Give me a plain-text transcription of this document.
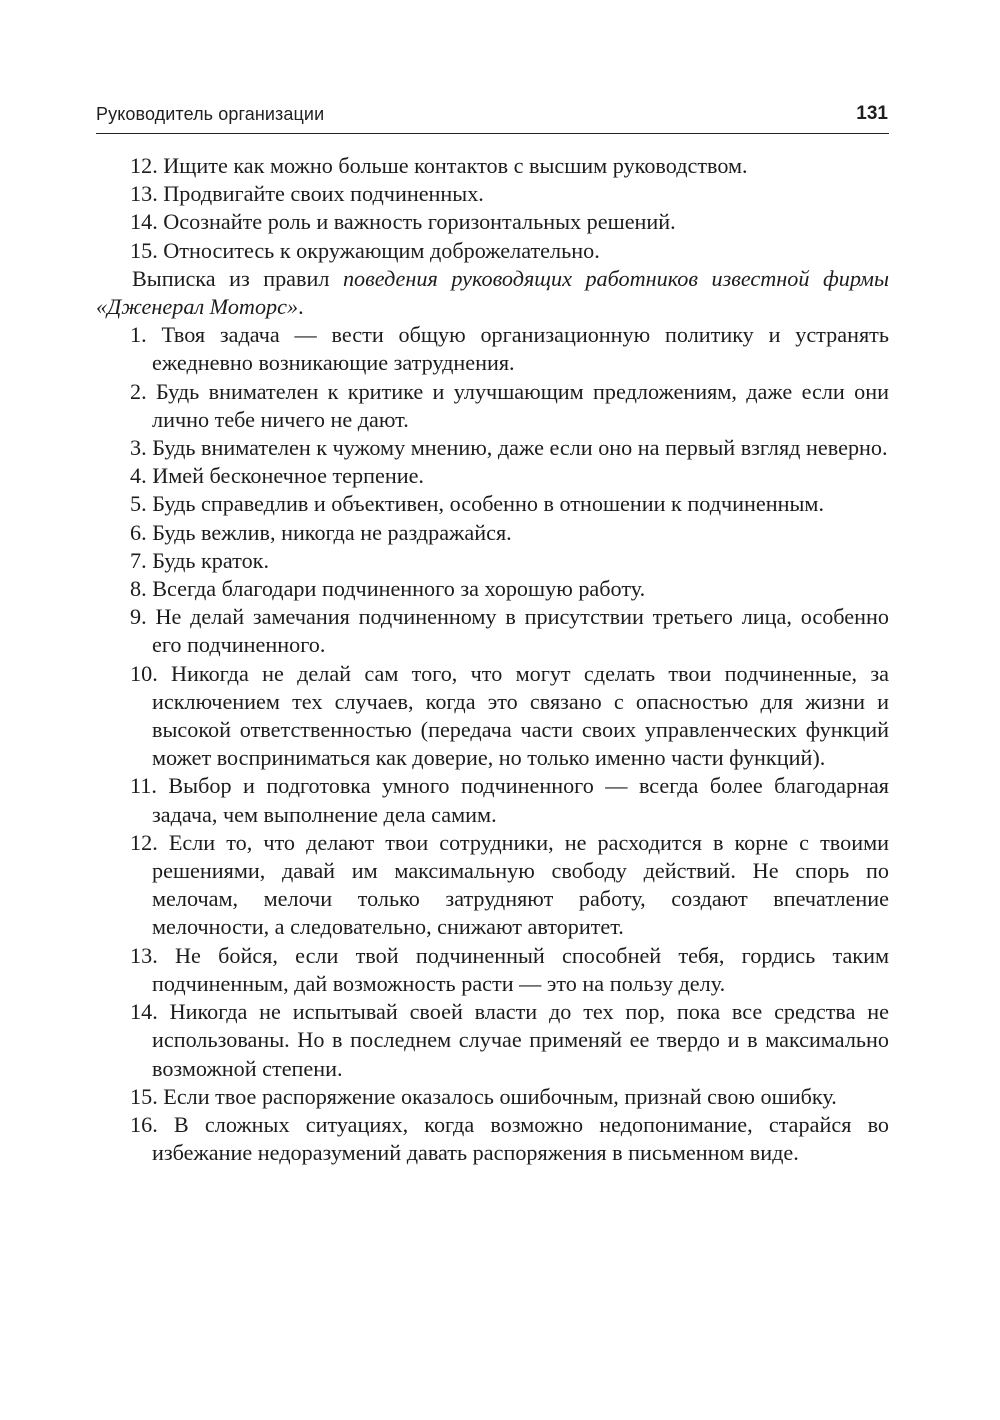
Руководитель организации	131

12. Ищите как можно больше контактов с высшим руководством.

13. Продвигайте своих подчиненных.

14. Осознайте роль и важность горизонтальных решений.

15. Относитесь к окружающим доброжелательно.

Выписка из правил поведения руководящих работников известной фирмы «Дженерал Моторс».

1. Твоя задача — вести общую организационную политику и устранять ежедневно возникающие затруднения.

2. Будь внимателен к критике и улучшающим предложениям, даже если они лично тебе ничего не дают.

3. Будь внимателен к чужому мнению, даже если оно на первый взгляд неверно.

4. Имей бесконечное терпение.

5. Будь справедлив и объективен, особенно в отношении к подчиненным.

6. Будь вежлив, никогда не раздражайся.

7. Будь краток.

8. Всегда благодари подчиненного за хорошую работу.

9. Не делай замечания подчиненному в присутствии третьего лица, особенно его подчиненного.

10. Никогда не делай сам того, что могут сделать твои подчиненные, за исключением тех случаев, когда это связано с опасностью для жизни и высокой ответственностью (передача части своих управленческих функций может восприниматься как доверие, но только именно части функций).

11. Выбор и подготовка умного подчиненного — всегда более благодарная задача, чем выполнение дела самим.

12. Если то, что делают твои сотрудники, не расходится в корне с твоими решениями, давай им максимальную свободу действий. Не спорь по мелочам, мелочи только затрудняют работу, создают впечатление мелочности, а следовательно, снижают авторитет.

13. Не бойся, если твой подчиненный способней тебя, гордись таким подчиненным, дай возможность расти — это на пользу делу.

14. Никогда не испытывай своей власти до тех пор, пока все средства не использованы. Но в последнем случае применяй ее твердо и в максимально возможной степени.

15. Если твое распоряжение оказалось ошибочным, признай свою ошибку.

16. В сложных ситуациях, когда возможно недопонимание, старайся во избежание недоразумений давать распоряжения в письменном виде.
